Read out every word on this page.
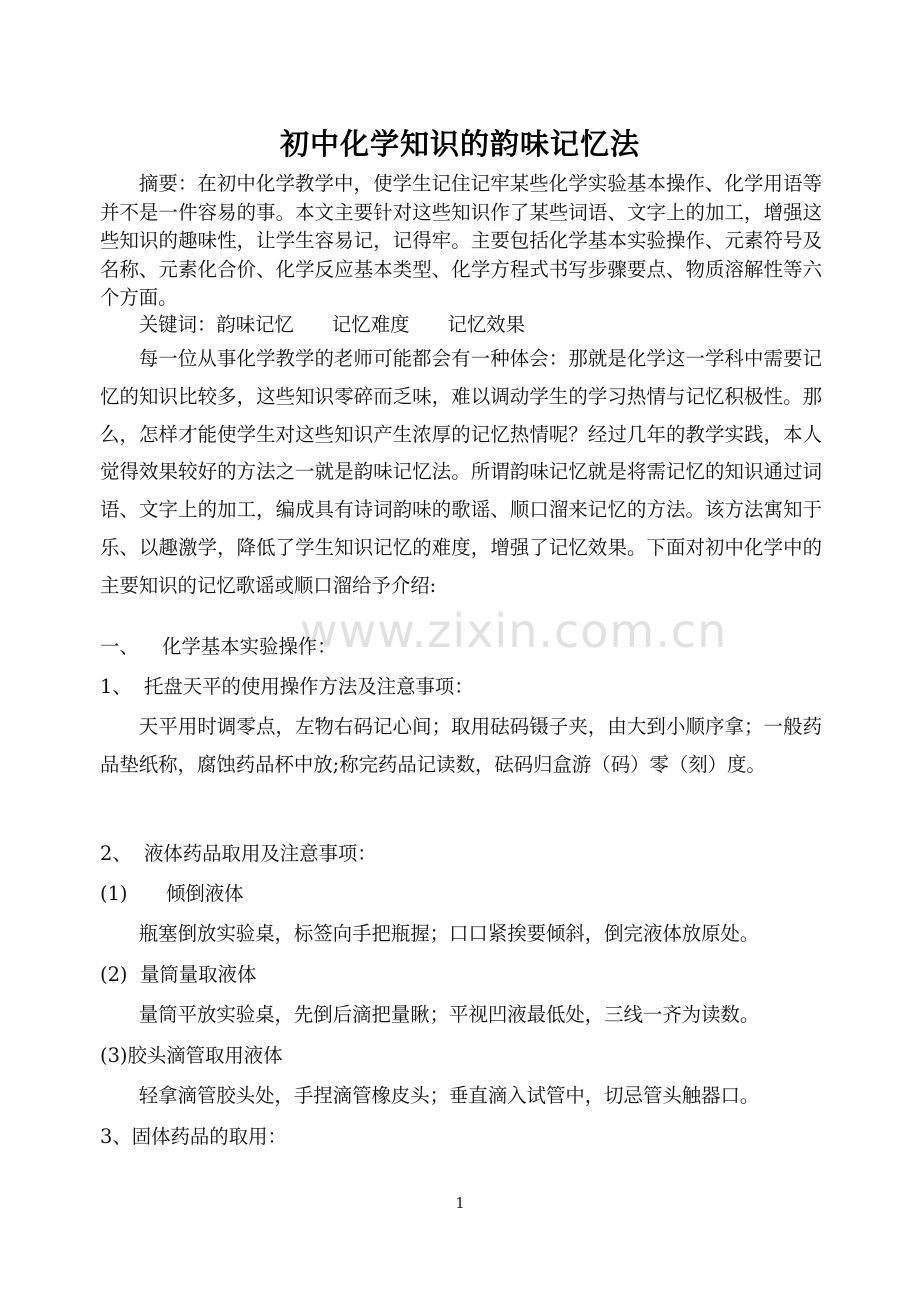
初中化学知识的韵味记忆法

摘要：在初中化学教学中，使学生记住记牢某些化学实验基本操作、化学用语等并不是一件容易的事。本文主要针对这些知识作了某些词语、文字上的加工，增强这些知识的趣味性，让学生容易记，记得牢。主要包括化学基本实验操作、元素符号及名称、元素化合价、化学反应基本类型、化学方程式书写步骤要点、物质溶解性等六个方面。

关键词：韵味记忆 记忆难度 记忆效果

每一位从事化学教学的老师可能都会有一种体会：那就是化学这一学科中需要记忆的知识比较多，这些知识零碎而乏味，难以调动学生的学习热情与记忆积极性。那么，怎样才能使学生对这些知识产生浓厚的记忆热情呢？经过几年的教学实践，本人觉得效果较好的方法之一就是韵味记忆法。所谓韵味记忆就是将需记忆的知识通过词语、文字上的加工，编成具有诗词韵味的歌谣、顺口溜来记忆的方法。该方法寓知于乐、以趣激学，降低了学生知识记忆的难度，增强了记忆效果。下面对初中化学中的主要知识的记忆歌谣或顺口溜给予介绍:

www.zixin.com.cn

一、 化学基本实验操作：

1、 托盘天平的使用操作方法及注意事项：

天平用时调零点，左物右码记心间；取用砝码镊子夹，由大到小顺序拿；一般药品垫纸称，腐蚀药品杯中放;称完药品记读数，砝码归盒游（码）零（刻）度。

2、 液体药品取用及注意事项：

(1) 倾倒液体

瓶塞倒放实验桌，标签向手把瓶握；口口紧挨要倾斜，倒完液体放原处。

(2) 量筒量取液体

量筒平放实验桌，先倒后滴把量瞅；平视凹液最低处，三线一齐为读数。

(3)胶头滴管取用液体

轻拿滴管胶头处，手捏滴管橡皮头；垂直滴入试管中，切忌管头触器口。

3、固体药品的取用：

1
